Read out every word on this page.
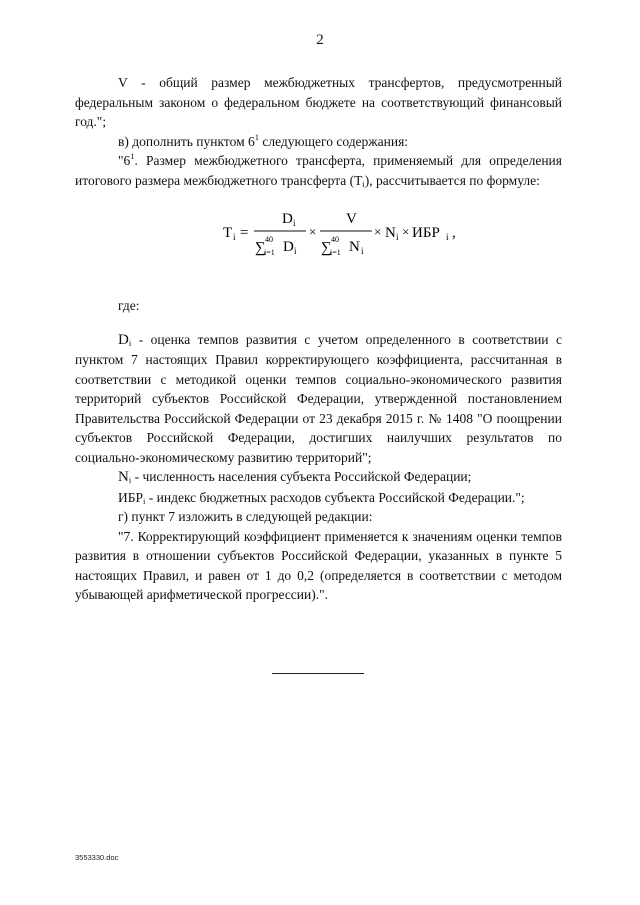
2

V - общий размер межбюджетных трансфертов, предусмотренный федеральным законом о федеральном бюджете на соответствующий финансовый год.";

в) дополнить пунктом $6^1$ следующего содержания:

"$6^1$. Размер межбюджетного трансферта, применяемый для определения итогового размера межбюджетного трансферта $(T_i)$, рассчитывается по формуле:

T i =
D i
∑
40
i=1 D i
×
V
∑
40
i=1 N i
× N i × ИБР i ,

где:

$D_i$ - оценка темпов развития с учетом определенного в соответствии с пунктом 7 настоящих Правил корректирующего коэффициента, рассчитанная в соответствии с методикой оценки темпов социально-экономического развития территорий субъектов Российской Федерации, утвержденной постановлением Правительства Российской Федерации от 23 декабря 2015 г. № 1408 "О поощрении субъектов Российской Федерации, достигших наилучших результатов по социально-экономическому развитию территорий";

$N_i$ - численность населения субъекта Российской Федерации;

$ИБР_i$ - индекс бюджетных расходов субъекта Российской Федерации.";

г) пункт 7 изложить в следующей редакции:

"7. Корректирующий коэффициент применяется к значениям оценки темпов развития в отношении субъектов Российской Федерации, указанных в пункте 5 настоящих Правил, и равен от 1 до 0,2 (определяется в соответствии с методом убывающей арифметической прогрессии).".

3553330.doc
